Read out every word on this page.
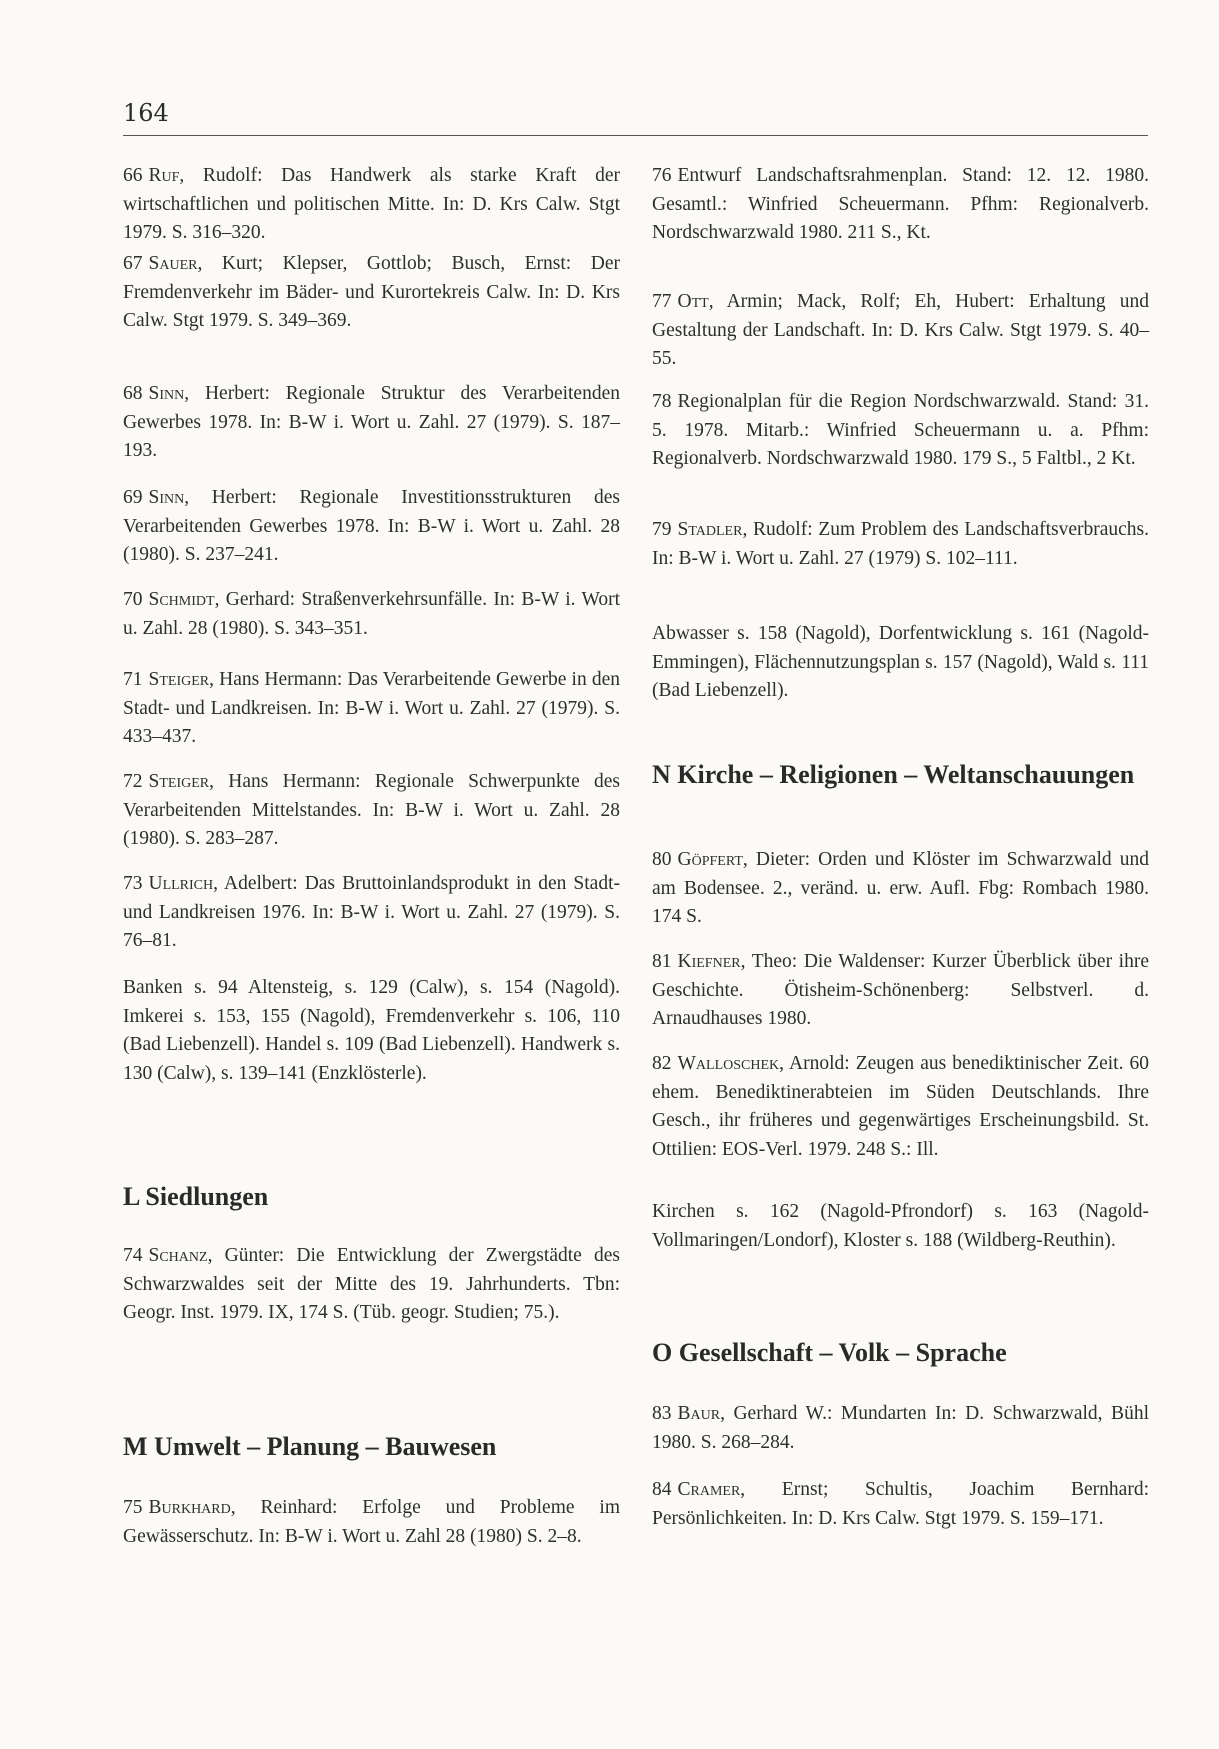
164

66 Ruf, Rudolf: Das Handwerk als starke Kraft der wirtschaftlichen und politischen Mitte. In: D. Krs Calw. Stgt 1979. S. 316–320.

67 Sauer, Kurt; Klepser, Gottlob; Busch, Ernst: Der Fremdenverkehr im Bäder- und Kurortekreis Calw. In: D. Krs Calw. Stgt 1979. S. 349–369.

68 Sinn, Herbert: Regionale Struktur des Verarbeitenden Gewerbes 1978. In: B-W i. Wort u. Zahl. 27 (1979). S. 187–193.

69 Sinn, Herbert: Regionale Investitionsstrukturen des Verarbeitenden Gewerbes 1978. In: B-W i. Wort u. Zahl. 28 (1980). S. 237–241.

70 Schmidt, Gerhard: Straßenverkehrsunfälle. In: B-W i. Wort u. Zahl. 28 (1980). S. 343–351.

71 Steiger, Hans Hermann: Das Verarbeitende Gewerbe in den Stadt- und Landkreisen. In: B-W i. Wort u. Zahl. 27 (1979). S. 433–437.

72 Steiger, Hans Hermann: Regionale Schwerpunkte des Verarbeitenden Mittelstandes. In: B-W i. Wort u. Zahl. 28 (1980). S. 283–287.

73 Ullrich, Adelbert: Das Bruttoinlandsprodukt in den Stadt- und Landkreisen 1976. In: B-W i. Wort u. Zahl. 27 (1979). S. 76–81.

Banken s. 94 Altensteig, s. 129 (Calw), s. 154 (Nagold). Imkerei s. 153, 155 (Nagold), Fremdenverkehr s. 106, 110 (Bad Liebenzell). Handel s. 109 (Bad Liebenzell). Handwerk s. 130 (Calw), s. 139–141 (Enzklösterle).

L Siedlungen

74 Schanz, Günter: Die Entwicklung der Zwergstädte des Schwarzwaldes seit der Mitte des 19. Jahrhunderts. Tbn: Geogr. Inst. 1979. IX, 174 S. (Tüb. geogr. Studien; 75.).

M Umwelt – Planung – Bauwesen

75 Burkhard, Reinhard: Erfolge und Probleme im Gewässerschutz. In: B-W i. Wort u. Zahl 28 (1980) S. 2–8.

76 Entwurf Landschaftsrahmenplan. Stand: 12. 12. 1980. Gesamtl.: Winfried Scheuermann. Pfhm: Regionalverb. Nordschwarzwald 1980. 211 S., Kt.

77 Ott, Armin; Mack, Rolf; Eh, Hubert: Erhaltung und Gestaltung der Landschaft. In: D. Krs Calw. Stgt 1979. S. 40–55.

78 Regionalplan für die Region Nordschwarzwald. Stand: 31. 5. 1978. Mitarb.: Winfried Scheuermann u. a. Pfhm: Regionalverb. Nordschwarzwald 1980. 179 S., 5 Faltbl., 2 Kt.

79 Stadler, Rudolf: Zum Problem des Landschaftsverbrauchs. In: B-W i. Wort u. Zahl. 27 (1979) S. 102–111.

Abwasser s. 158 (Nagold), Dorfentwicklung s. 161 (Nagold-Emmingen), Flächennutzungsplan s. 157 (Nagold), Wald s. 111 (Bad Liebenzell).

N Kirche – Religionen – Weltanschauungen

80 Göpfert, Dieter: Orden und Klöster im Schwarzwald und am Bodensee. 2., veränd. u. erw. Aufl. Fbg: Rombach 1980. 174 S.

81 Kiefner, Theo: Die Waldenser: Kurzer Überblick über ihre Geschichte. Ötisheim-Schönenberg: Selbstverl. d. Arnaudhauses 1980.

82 Walloschek, Arnold: Zeugen aus benediktinischer Zeit. 60 ehem. Benediktinerabteien im Süden Deutschlands. Ihre Gesch., ihr früheres und gegenwärtiges Erscheinungsbild. St. Ottilien: EOS-Verl. 1979. 248 S.: Ill.

Kirchen s. 162 (Nagold-Pfrondorf) s. 163 (Nagold-Vollmaringen/Londorf), Kloster s. 188 (Wildberg-Reuthin).

O Gesellschaft – Volk – Sprache

83 Baur, Gerhard W.: Mundarten In: D. Schwarzwald, Bühl 1980. S. 268–284.

84 Cramer, Ernst; Schultis, Joachim Bernhard: Persönlichkeiten. In: D. Krs Calw. Stgt 1979. S. 159–171.
